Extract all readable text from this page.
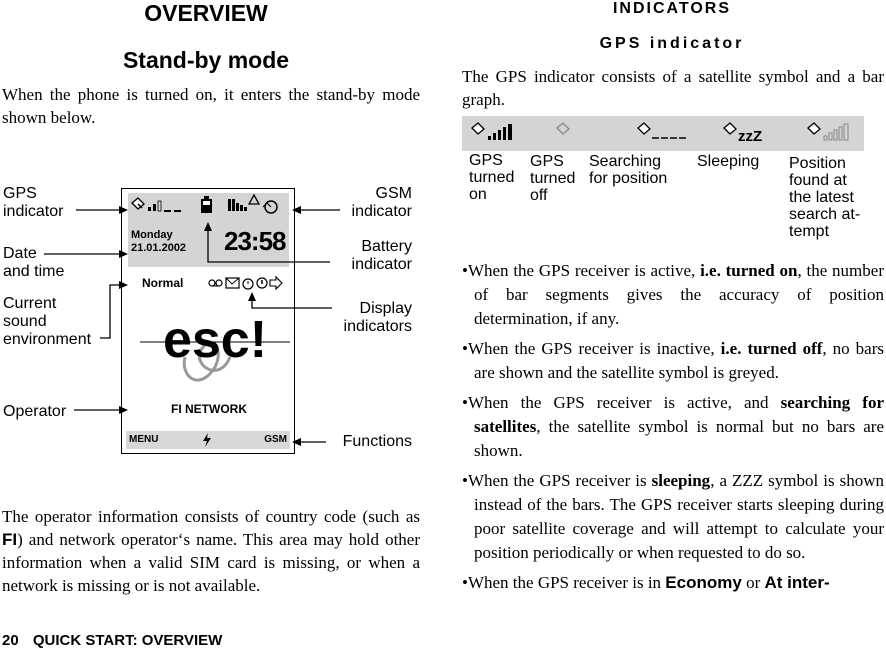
OVERVIEW
Stand-by mode
When the phone is turned on, it enters the stand-by mode shown below.
GPS
indicator
Date
and time
Current
sound
environment
Operator
GSM
indicator
Battery
indicator
Display
indicators
Functions
Monday
21.01.2002 23:58
Normal
esc!
FI NETWORK
MENU	GSM
The operator information consists of country code (such as FI) and network operator‘s name. This area may hold other information when a valid SIM card is missing, or when a network is missing or is not available.
20 QUICK START: OVERVIEW
INDICATORS
GPS indicator
The GPS indicator consists of a satellite symbol and a bar graph.
zzZ
GPS
turned
on
GPS
turned
off
Searching
for position
Sleeping Position
found at
the latest
search at-
tempt
•When the GPS receiver is active, i.e. turned on, the number of bar segments gives the accuracy of position determination, if any.
•When the GPS receiver is inactive, i.e. turned off, no bars are shown and the satellite symbol is greyed.
•When the GPS receiver is active, and searching for satellites, the satellite symbol is normal but no bars are shown.
•When the GPS receiver is sleeping, a ZZZ symbol is shown instead of the bars. The GPS receiver starts sleeping during poor satellite coverage and will attempt to calculate your position periodically or when requested to do so.
•When the GPS receiver is in Economy or At inter-
